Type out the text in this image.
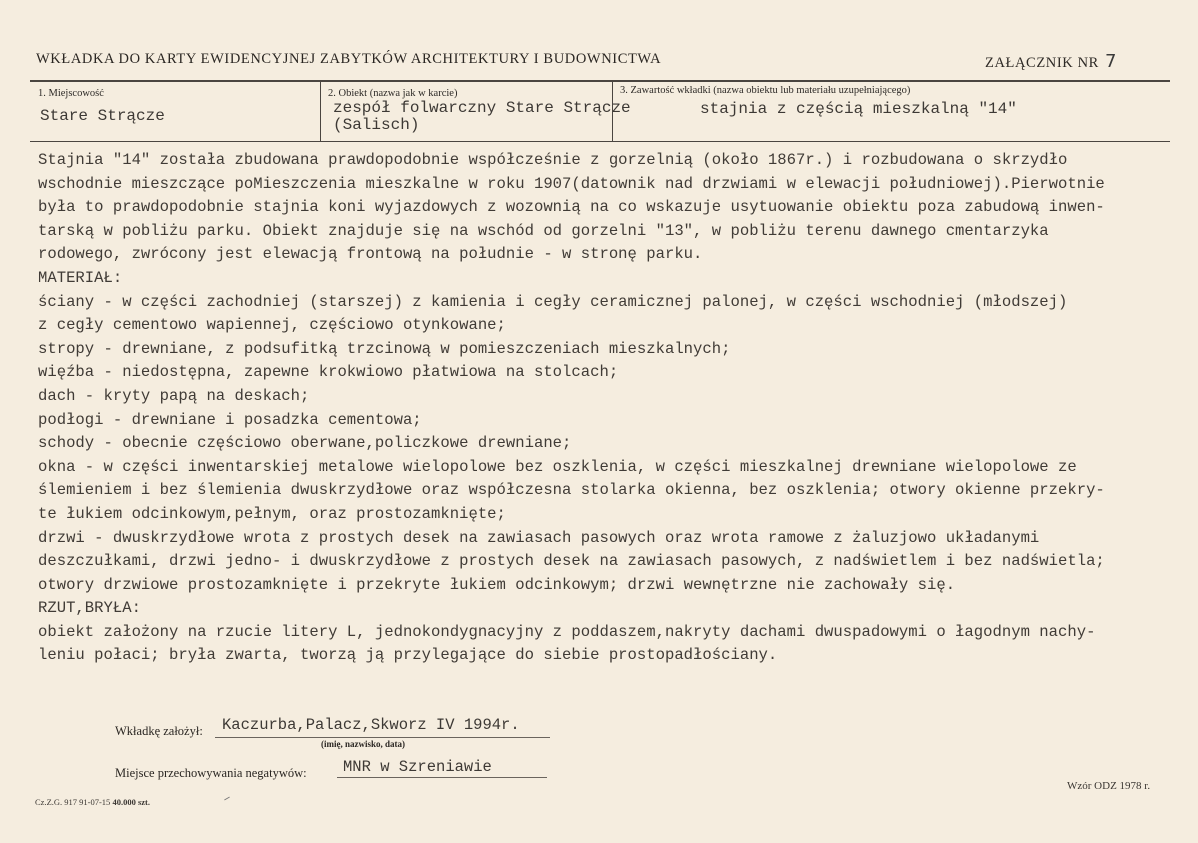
WKŁADKA DO KARTY EWIDENCYJNEJ ZABYTKÓW ARCHITEKTURY I BUDOWNICTWA	ZAŁĄCZNIK NR 7
1. Miejscowość
Stare Strącze
2. Obiekt (nazwa jak w karcie)
zespół folwarczny Stare Strącze
(Salisch)
3. Zawartość wkładki (nazwa obiektu lub materiału uzupełniającego)
stajnia z częścią mieszkalną "14"
Stajnia "14" została zbudowana prawdopodobnie współcześnie z gorzelnią (około 1867r.) i rozbudowana o skrzydło
wschodnie mieszczące poMieszczenia mieszkalne w roku 1907(datownik nad drzwiami w elewacji południowej).Pierwotnie
była to prawdopodobnie stajnia koni wyjazdowych z wozownią na co wskazuje usytuowanie obiektu poza zabudową inwen-
tarską w pobliżu parku. Obiekt znajduje się na wschód od gorzelni "13", w pobliżu terenu dawnego cmentarzyka
rodowego, zwrócony jest elewacją frontową na południe - w stronę parku.
MATERIAŁ:
ściany - w części zachodniej (starszej) z kamienia i cegły ceramicznej palonej, w części wschodniej (młodszej)
z cegły cementowo wapiennej, częściowo otynkowane;
stropy - drewniane, z podsufitką trzcinową w pomieszczeniach mieszkalnych;
więźba - niedostępna, zapewne krokwiowo płatwiowa na stolcach;
dach - kryty papą na deskach;
podłogi - drewniane i posadzka cementowa;
schody - obecnie częściowo oberwane,policzkowe drewniane;
okna - w części inwentarskiej metalowe wielopolowe bez oszklenia, w części mieszkalnej drewniane wielopolowe ze
ślemieniem i bez ślemienia dwuskrzydłowe oraz współczesna stolarka okienna, bez oszklenia; otwory okienne przekry-
te łukiem odcinkowym,pełnym, oraz prostozamknięte;
drzwi - dwuskrzydłowe wrota z prostych desek na zawiasach pasowych oraz wrota ramowe z żaluzjowo układanymi
deszczułkami, drzwi jedno- i dwuskrzydłowe z prostych desek na zawiasach pasowych, z nadświetlem i bez nadświetla;
otwory drzwiowe prostozamknięte i przekryte łukiem odcinkowym; drzwi wewnętrzne nie zachowały się.
RZUT,BRYŁA:
obiekt założony na rzucie litery L, jednokondygnacyjny z poddaszem,nakryty dachami dwuspadowymi o łagodnym nachy-
leniu połaci; bryła zwarta, tworzą ją przylegające do siebie prostopadłościany.
Wkładkę założył: Kaczurba,Palacz,Skworz IV 1994r.
(imię, nazwisko, data)
Miejsce przechowywania negatywów: MNR w Szreniawie
Cz.Z.G. 917 91-07-15 40.000 szt.
Wzór ODZ 1978 r.
